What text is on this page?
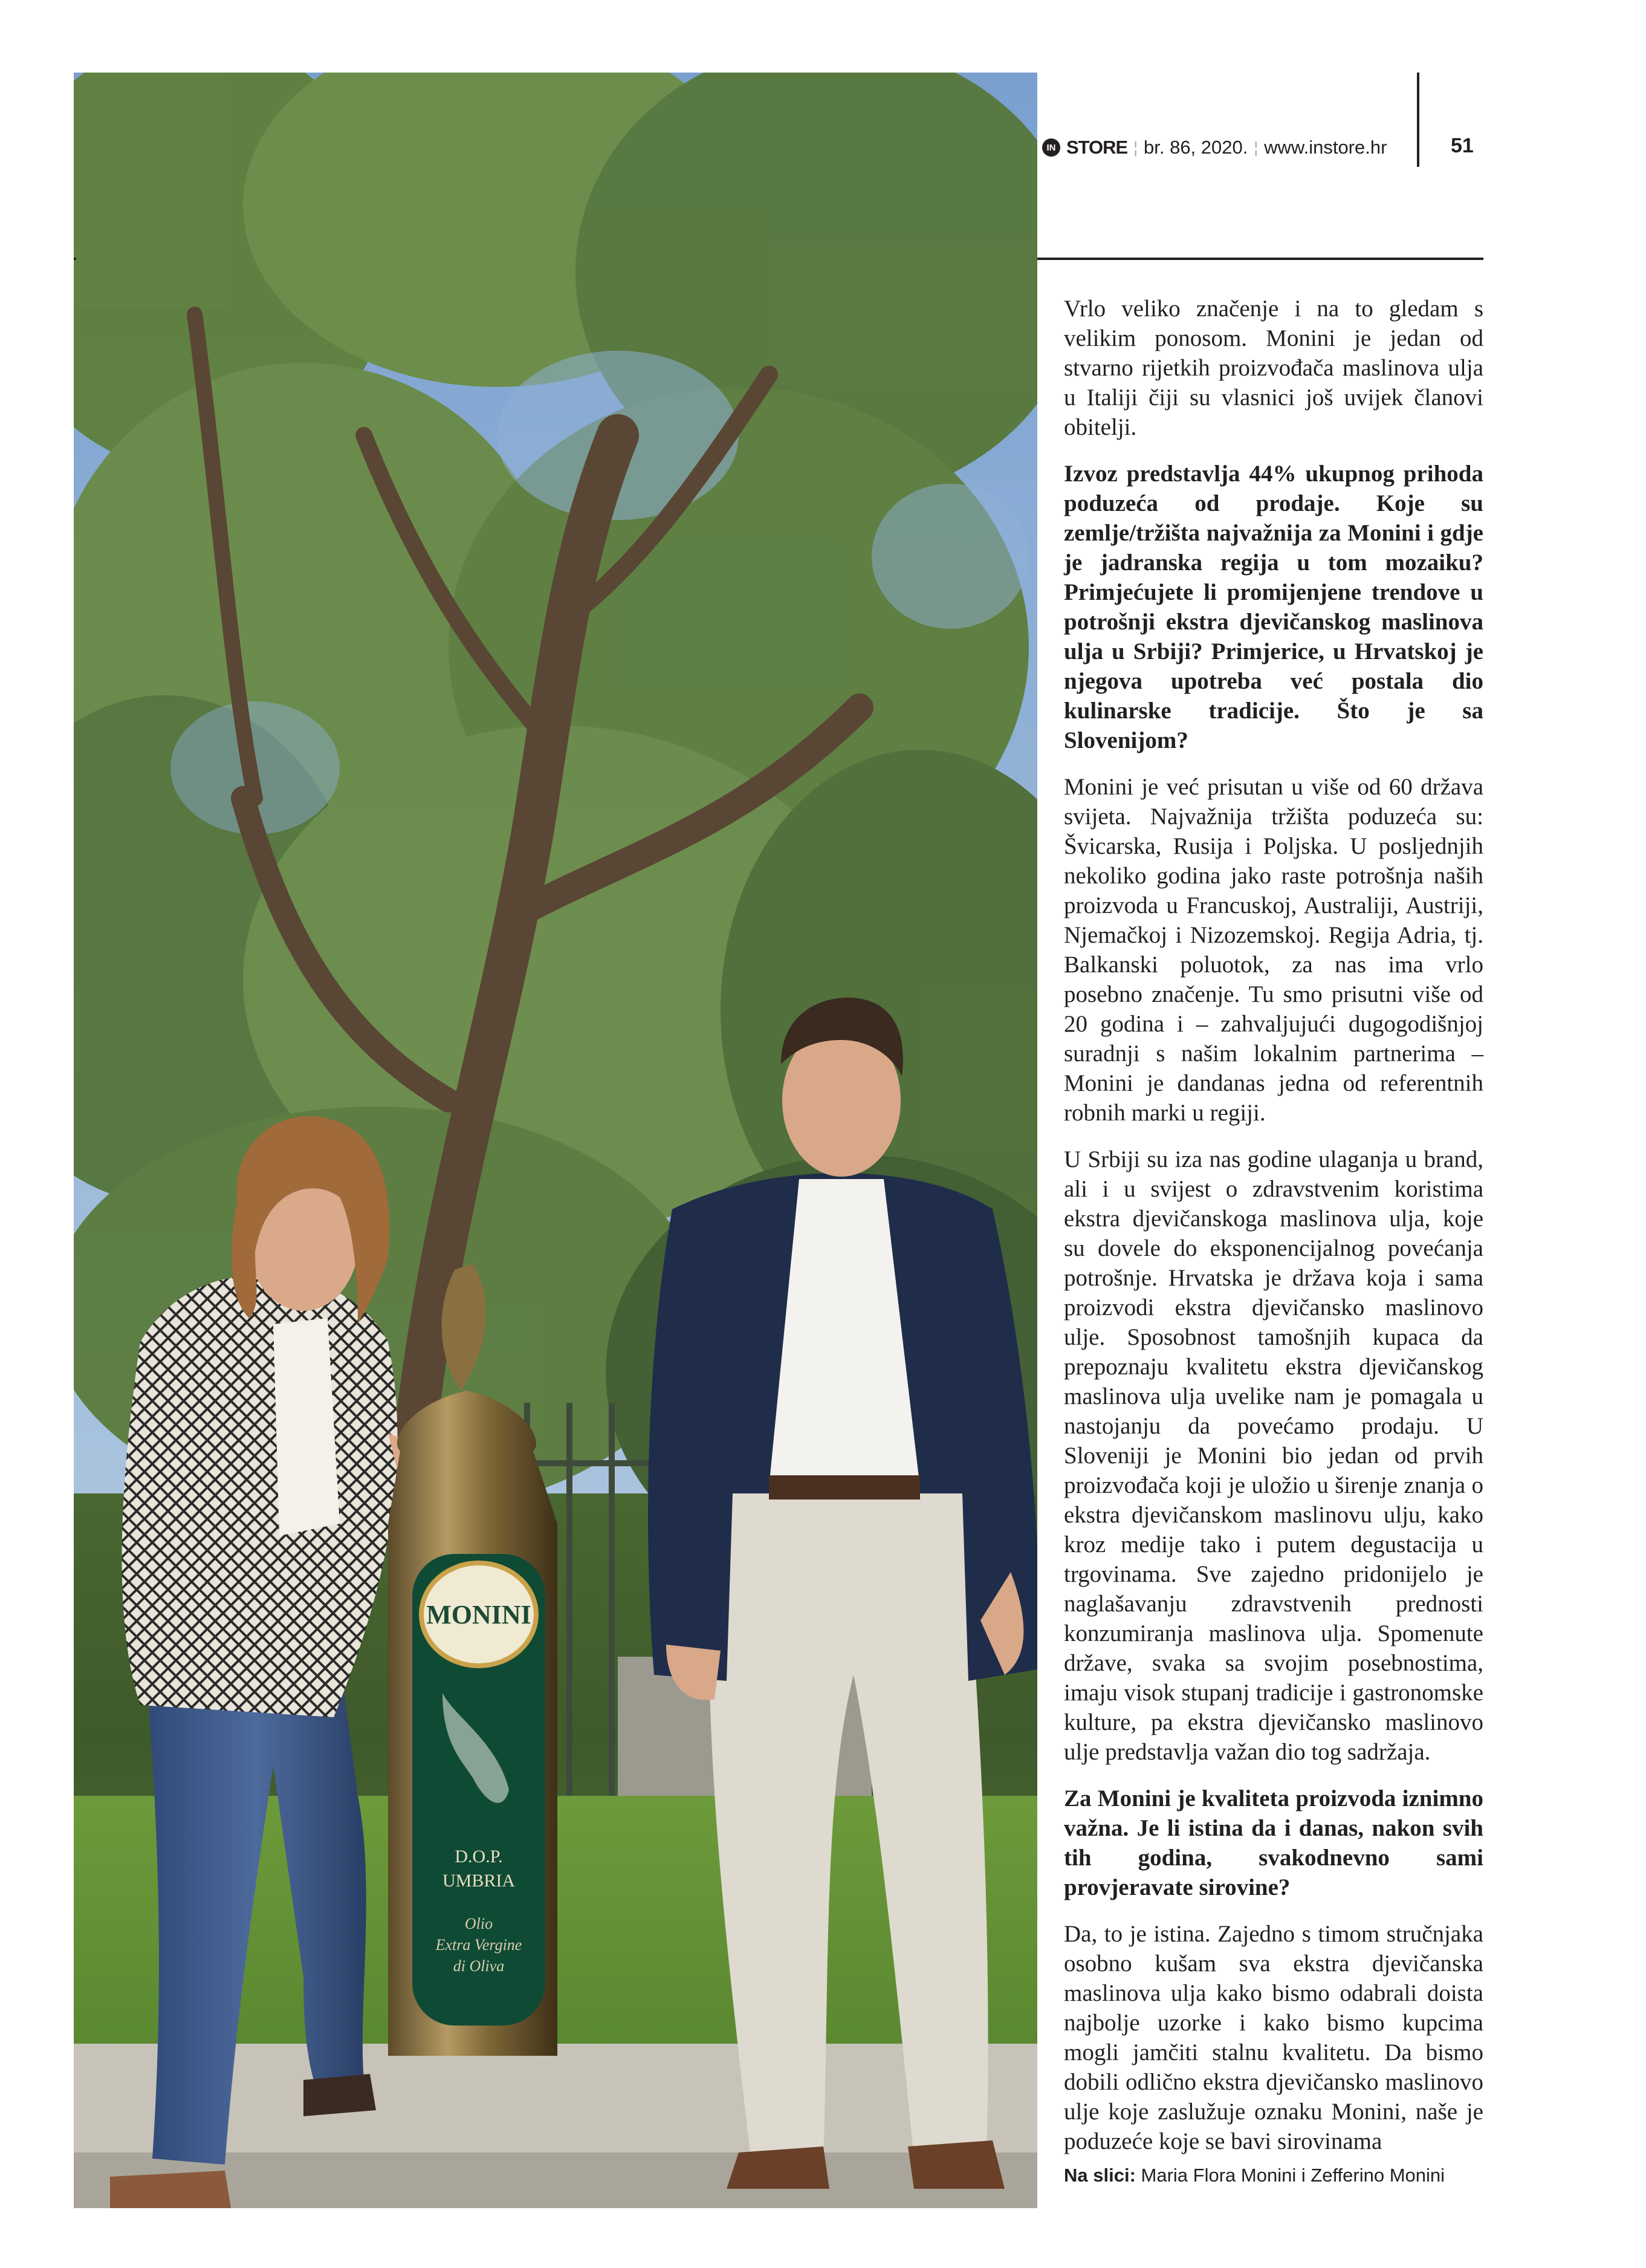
MONINI
D.O.P.
UMBRIA
Olio
Extra Vergine
di Oliva
IN STORE ¦ br. 86, 2020. ¦ www.instore.hr	51

Vrlo veliko značenje i na to gledam s velikim ponosom. Monini je jedan od stvarno rijetkih proizvođača maslinova ulja u Italiji čiji su vlasnici još uvijek članovi obitelji.

Izvoz predstavlja 44% ukupnog prihoda poduzeća od prodaje. Koje su zemlje/tržišta najvažnija za Monini i gdje je jadranska regija u tom mozaiku? Primjećujete li promijenjene trendove u potrošnji ekstra djevičanskog maslinova ulja u Srbiji? Primjerice, u Hrvatskoj je njegova upotreba već postala dio kulinarske tradicije. Što je sa Slovenijom?

Monini je već prisutan u više od 60 država svijeta. Najvažnija tržišta poduzeća su: Švicarska, Rusija i Poljska. U posljednjih nekoliko godina jako raste potrošnja naših proizvoda u Francuskoj, Australiji, Austriji, Njemačkoj i Nizozemskoj. Regija Adria, tj. Balkanski poluotok, za nas ima vrlo posebno značenje. Tu smo prisutni više od 20 godina i – zahvaljujući dugogodišnjoj suradnji s našim lokalnim partnerima – Monini je dandanas jedna od referentnih robnih marki u regiji.

U Srbiji su iza nas godine ulaganja u brand, ali i u svijest o zdravstvenim koristima ekstra djevičanskoga maslinova ulja, koje su dovele do eksponencijalnog povećanja potrošnje. Hrvatska je država koja i sama proizvodi ekstra djevičansko maslinovo ulje. Sposobnost tamošnjih kupaca da prepoznaju kvalitetu ekstra djevičanskog maslinova ulja uvelike nam je pomagala u nastojanju da povećamo prodaju. U Sloveniji je Monini bio jedan od prvih proizvođača koji je uložio u širenje znanja o ekstra djevičanskom maslinovu ulju, kako kroz medije tako i putem degustacija u trgovinama. Sve zajedno pridonijelo je naglašavanju zdravstvenih prednosti konzumiranja maslinova ulja. Spomenute države, svaka sa svojim posebnostima, imaju visok stupanj tradicije i gastronomske kulture, pa ekstra djevičansko maslinovo ulje predstavlja važan dio tog sadržaja.

Za Monini je kvaliteta proizvoda iznimno važna. Je li istina da i danas, nakon svih tih godina, svakodnevno sami provjeravate sirovine?

Da, to je istina. Zajedno s timom stručnjaka osobno kušam sva ekstra djevičanska maslinova ulja kako bismo odabrali doista najbolje uzorke i kako bismo kupcima mogli jamčiti stalnu kvalitetu. Da bismo dobili odlično ekstra djevičansko maslinovo ulje koje zaslužuje oznaku Monini, naše je poduzeće koje se bavi sirovinama

Na slici: Maria Flora Monini i Zefferino Monini
